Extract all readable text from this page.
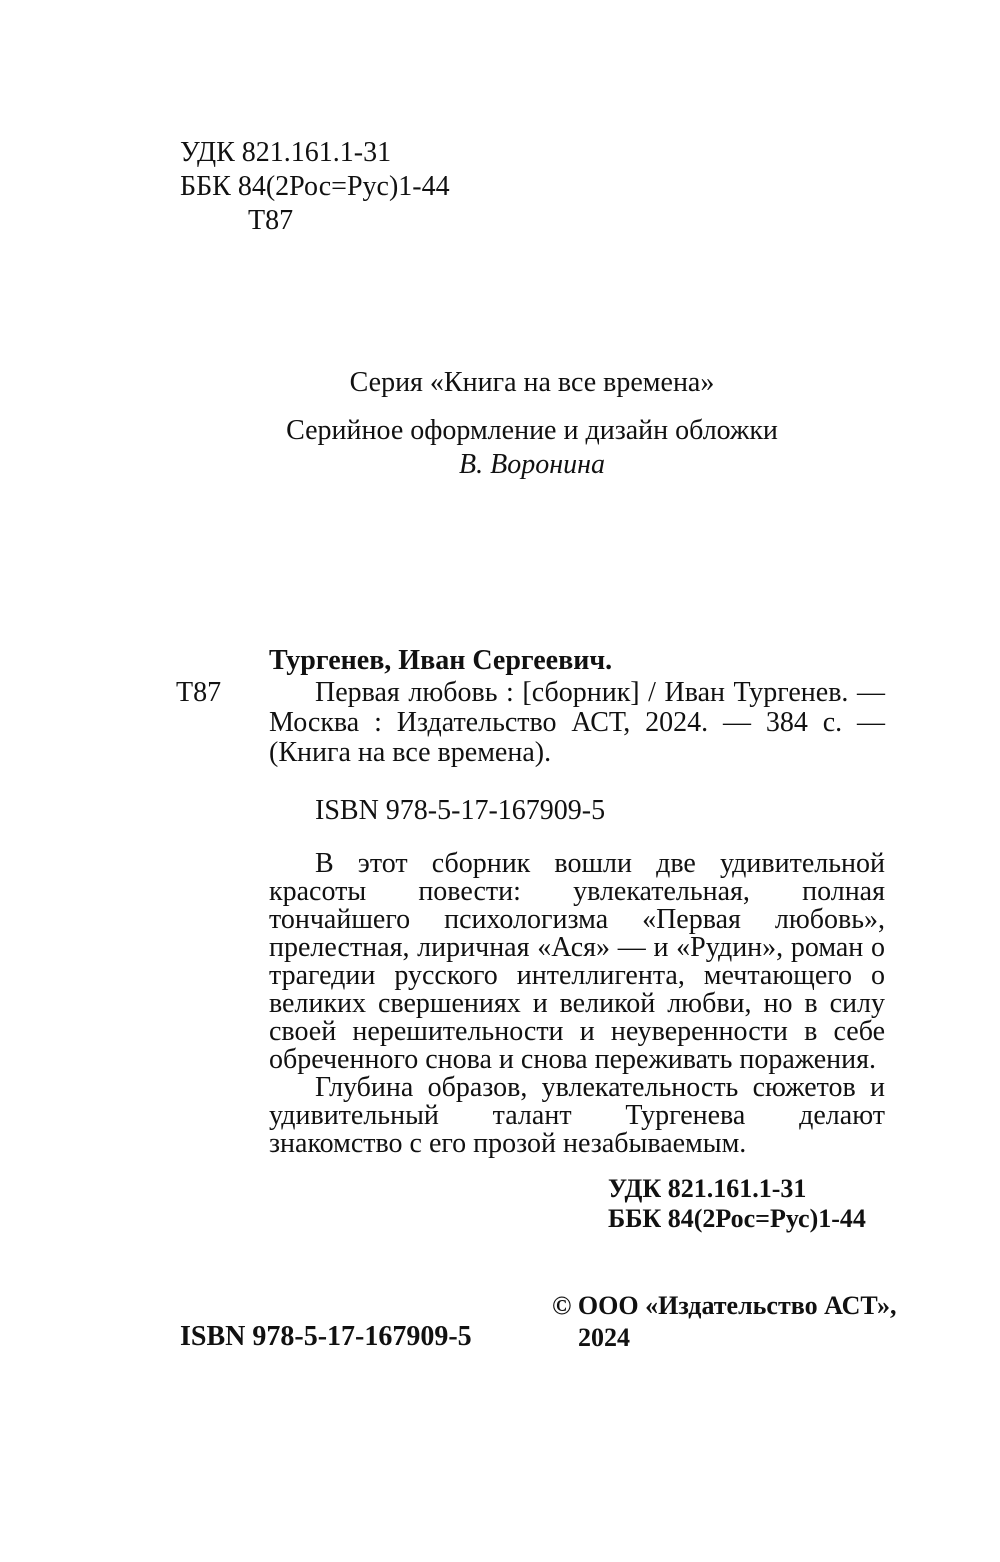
УДК 821.161.1-31
ББК 84(2Рос=Рус)1-44
Т87
Серия «Книга на все времена»
Серийное оформление и дизайн обложки
В. Воронина
Тургенев, Иван Сергеевич.
Т87	Первая любовь : [сборник] / Иван Тургенев. — Москва : Издательство АСТ, 2024. — 384 с. — (Книга на все времена).
ISBN 978-5-17-167909-5

В этот сборник вошли две удивительной красоты повести: увлекательная, полная тончайшего психологизма «Первая любовь», прелестная, лиричная «Ася» — и «Рудин», роман о трагедии русского интеллигента, мечтающего о великих свершениях и великой любви, но в силу своей нерешительности и неуверенности в себе обреченного снова и снова переживать поражения.

Глубина образов, увлекательность сюжетов и удивительный талант Тургенева делают знакомство с его прозой незабываемым.

УДК 821.161.1-31
ББК 84(2Рос=Рус)1-44
ISBN 978-5-17-167909-5
© ООО «Издательство АСТ»,
2024
